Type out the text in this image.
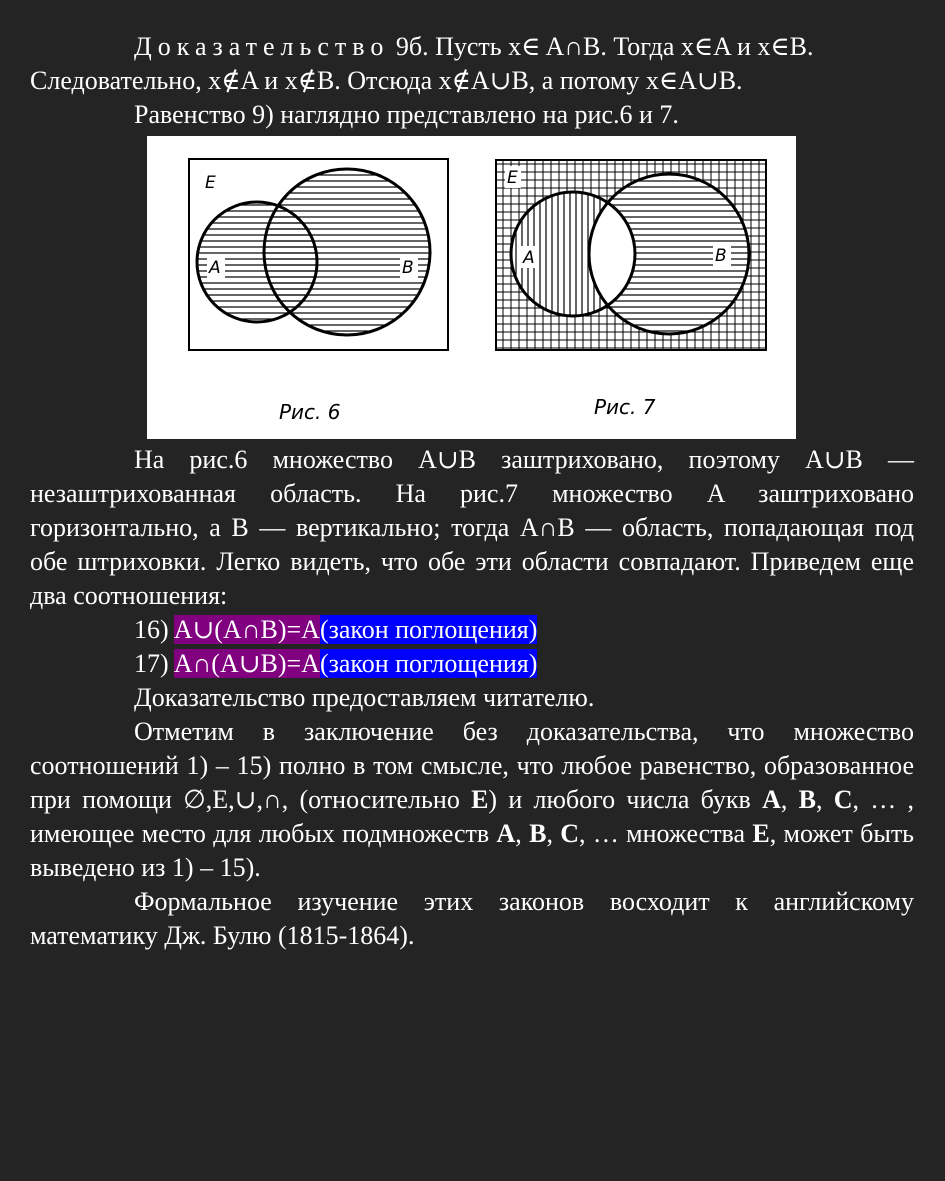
Доказательство 9б. Пусть x∈ A∩B. Тогда x∈A и x∈B.

Следовательно, x∉A и x∉B. Отсюда x∉A∪B, а потому x∈A∪B.

Равенство 9) наглядно представлено на рис.6 и 7.

E
A	B
Рис. 6
E
A	B
Рис. 7

На рис.6 множество A∪B заштриховано, поэтому A∪B — незаштрихованная область. На рис.7 множество A заштриховано горизонтально, а B — вертикально; тогда A∩B — область, попадающая под обе штриховки. Легко видеть, что обе эти области совпадают. Приведем еще два соотношения:

16) A∪(A∩B)=A(закон поглощения)
17) A∩(A∪B)=A(закон поглощения)

Доказательство предоставляем читателю.

Отметим в заключение без доказательства, что множество соотношений 1) – 15) полно в том смысле, что любое равенство, образованное при помощи ∅,E,∪,∩, (относительно E) и любого числа букв A, B, C, … , имеющее место для любых подмножеств A, B, C, … множества E, может быть выведено из 1) – 15).

Формальное изучение этих законов восходит к английскому математику Дж. Булю (1815-1864).
